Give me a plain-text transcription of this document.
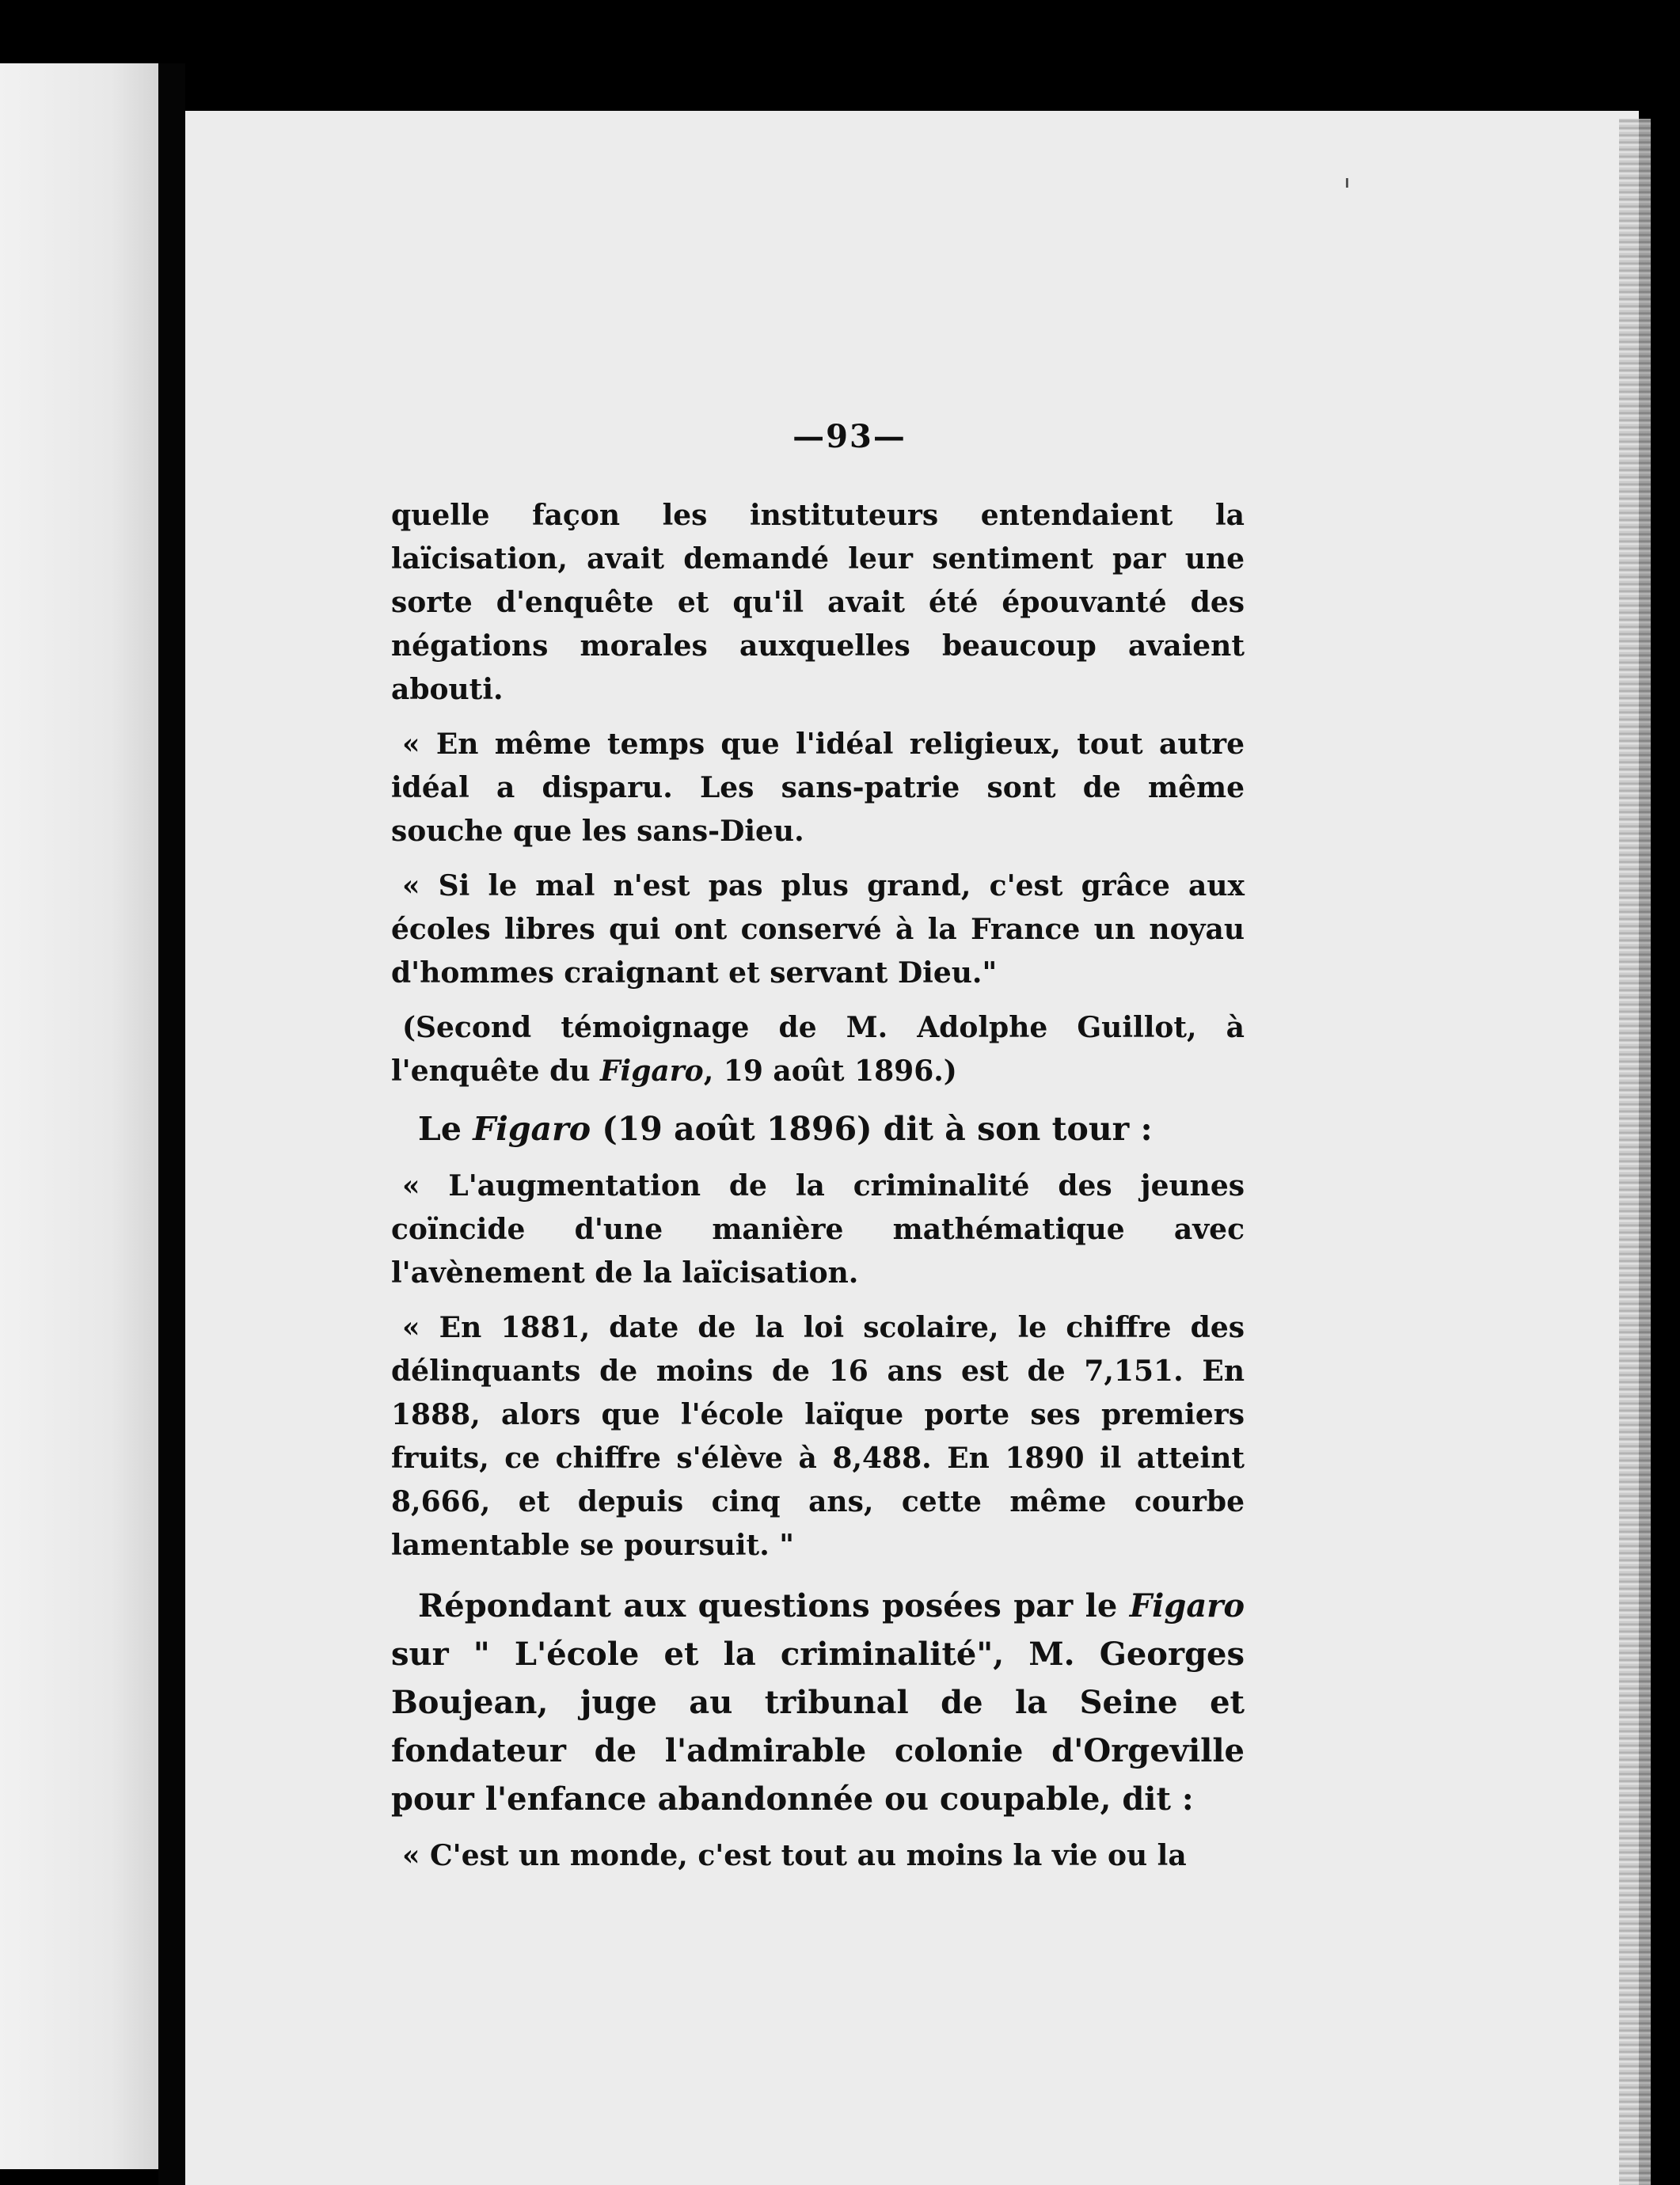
—93—

quelle façon les instituteurs entendaient la laïcisation, avait demandé leur sentiment par une sorte d'enquête et qu'il avait été épouvanté des négations morales auxquelles beaucoup avaient abouti.

« En même temps que l'idéal religieux, tout autre idéal a disparu. Les sans-patrie sont de même souche que les sans-Dieu.

« Si le mal n'est pas plus grand, c'est grâce aux écoles libres qui ont conservé à la France un noyau d'hommes craignant et servant Dieu."

(Second témoignage de M. Adolphe Guillot, à l'enquête du Figaro, 19 août 1896.)

Le Figaro (19 août 1896) dit à son tour :

« L'augmentation de la criminalité des jeunes coïncide d'une manière mathématique avec l'avènement de la laïcisation.

« En 1881, date de la loi scolaire, le chiffre des délinquants de moins de 16 ans est de 7,151. En 1888, alors que l'école laïque porte ses premiers fruits, ce chiffre s'élève à 8,488. En 1890 il atteint 8,666, et depuis cinq ans, cette même courbe lamentable se poursuit. "

Répondant aux questions posées par le Figaro sur " L'école et la criminalité", M. Georges Boujean, juge au tribunal de la Seine et fondateur de l'admirable colonie d'Orgeville pour l'enfance abandonnée ou coupable, dit :

« C'est un monde, c'est tout au moins la vie ou la
